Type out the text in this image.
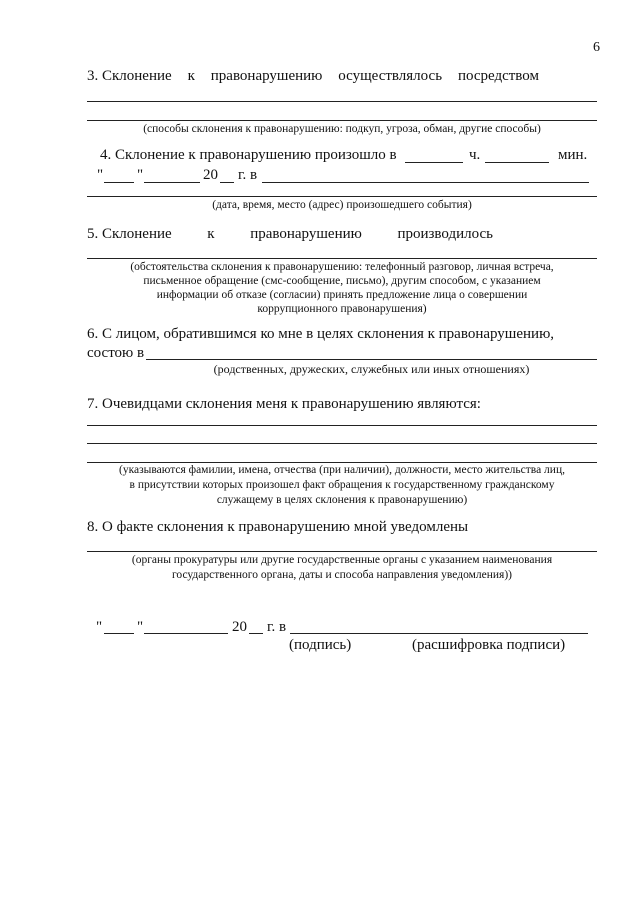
6
3. Склонение к правонарушению осуществлялось посредством
(способы склонения к правонарушению: подкуп, угроза, обман, другие способы)
4. Склонение к правонарушению произошло в	ч.	мин.
" "	20 г. в
(дата, время, место (адрес) произошедшего события)
5. Склонение к правонарушению производилось
(обстоятельства склонения к правонарушению: телефонный разговор, личная встреча,
письменное обращение (смс-сообщение, письмо), другим способом, с указанием
информации об отказе (согласии) принять предложение лица о совершении
коррупционного правонарушения)
6. С лицом, обратившимся ко мне в целях склонения к правонарушению,
состою в
(родственных, дружеских, служебных или иных отношениях)
7. Очевидцами склонения меня к правонарушению являются:
(указываются фамилии, имена, отчества (при наличии), должности, место жительства лиц,
в присутствии которых произошел факт обращения к государственному гражданскому
служащему в целях склонения к правонарушению)
8. О факте склонения к правонарушению мной уведомлены
(органы прокуратуры или другие государственные органы с указанием наименования
государственного органа, даты и способа направления уведомления))
" "	20 г. в
(подпись)	(расшифровка подписи)
